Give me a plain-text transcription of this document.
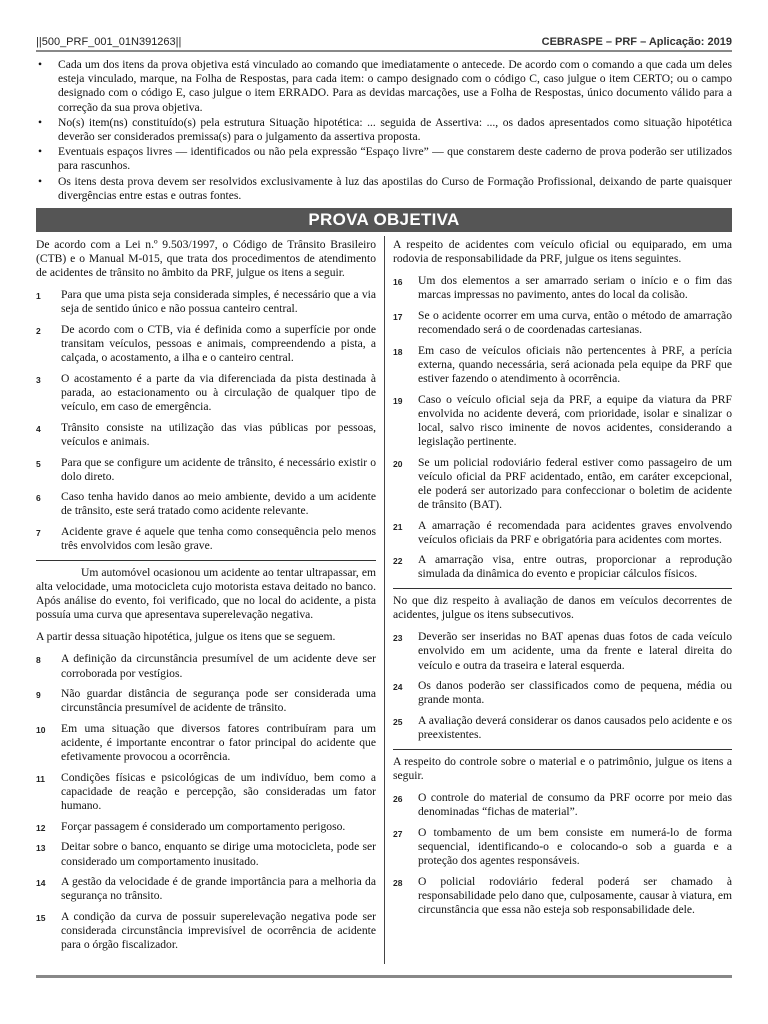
||500_PRF_001_01N391263||	CEBRASPE – PRF – Aplicação: 2019
• Cada um dos itens da prova objetiva está vinculado ao comando que imediatamente o antecede. De acordo com o comando a que cada um deles esteja vinculado, marque, na Folha de Respostas, para cada item: o campo designado com o código C, caso julgue o item CERTO; ou o campo designado com o código E, caso julgue o item ERRADO. Para as devidas marcações, use a Folha de Respostas, único documento válido para a correção da sua prova objetiva.
• No(s) item(ns) constituído(s) pela estrutura Situação hipotética: ... seguida de Assertiva: ..., os dados apresentados como situação hipotética deverão ser considerados premissa(s) para o julgamento da assertiva proposta.
• Eventuais espaços livres — identificados ou não pela expressão “Espaço livre” — que constarem deste caderno de prova poderão ser utilizados para rascunhos.
• Os itens desta prova devem ser resolvidos exclusivamente à luz das apostilas do Curso de Formação Profissional, deixando de parte quaisquer divergências entre estas e outras fontes.
PROVA OBJETIVA

De acordo com a Lei n.º 9.503/1997, o Código de Trânsito Brasileiro (CTB) e o Manual M-015, que trata dos procedimentos de atendimento de acidentes de trânsito no âmbito da PRF, julgue os itens a seguir.

1 Para que uma pista seja considerada simples, é necessário que a via seja de sentido único e não possua canteiro central.
2 De acordo com o CTB, via é definida como a superfície por onde transitam veículos, pessoas e animais, compreendendo a pista, a calçada, o acostamento, a ilha e o canteiro central.
3 O acostamento é a parte da via diferenciada da pista destinada à parada, ao estacionamento ou à circulação de qualquer tipo de veículo, em caso de emergência.
4 Trânsito consiste na utilização das vias públicas por pessoas, veículos e animais.
5 Para que se configure um acidente de trânsito, é necessário existir o dolo direto.
6 Caso tenha havido danos ao meio ambiente, devido a um acidente de trânsito, este será tratado como acidente relevante.
7 Acidente grave é aquele que tenha como consequência pelo menos três envolvidos com lesão grave.

Um automóvel ocasionou um acidente ao tentar ultrapassar, em alta velocidade, uma motocicleta cujo motorista estava deitado no banco. Após análise do evento, foi verificado, que no local do acidente, a pista possuía uma curva que apresentava superelevação negativa.

A partir dessa situação hipotética, julgue os itens que se seguem.

8 A definição da circunstância presumível de um acidente deve ser corroborada por vestígios.
9 Não guardar distância de segurança pode ser considerada uma circunstância presumível de acidente de trânsito.
10 Em uma situação que diversos fatores contribuíram para um acidente, é importante encontrar o fator principal do acidente que efetivamente provocou a ocorrência.
11 Condições físicas e psicológicas de um indivíduo, bem como a capacidade de reação e percepção, são consideradas um fator humano.
12 Forçar passagem é considerado um comportamento perigoso.
13 Deitar sobre o banco, enquanto se dirige uma motocicleta, pode ser considerado um comportamento inusitado.
14 A gestão da velocidade é de grande importância para a melhoria da segurança no trânsito.
15 A condição da curva de possuir superelevação negativa pode ser considerada circunstância imprevisível de ocorrência de acidente para o órgão fiscalizador.

A respeito de acidentes com veículo oficial ou equiparado, em uma rodovia de responsabilidade da PRF, julgue os itens seguintes.

16 Um dos elementos a ser amarrado seriam o início e o fim das marcas impressas no pavimento, antes do local da colisão.
17 Se o acidente ocorrer em uma curva, então o método de amarração recomendado será o de coordenadas cartesianas.
18 Em caso de veículos oficiais não pertencentes à PRF, a perícia externa, quando necessária, será acionada pela equipe da PRF que estiver fazendo o atendimento à ocorrência.
19 Caso o veículo oficial seja da PRF, a equipe da viatura da PRF envolvida no acidente deverá, com prioridade, isolar e sinalizar o local, salvo risco iminente de novos acidentes, considerando a legislação pertinente.
20 Se um policial rodoviário federal estiver como passageiro de um veículo oficial da PRF acidentado, então, em caráter excepcional, ele poderá ser autorizado para confeccionar o boletim de acidente de trânsito (BAT).
21 A amarração é recomendada para acidentes graves envolvendo veículos oficiais da PRF e obrigatória para acidentes com mortes.
22 A amarração visa, entre outras, proporcionar a reprodução simulada da dinâmica do evento e propiciar cálculos físicos.

No que diz respeito à avaliação de danos em veículos decorrentes de acidentes, julgue os itens subsecutivos.

23 Deverão ser inseridas no BAT apenas duas fotos de cada veículo envolvido em um acidente, uma da frente e lateral direita do veículo e outra da traseira e lateral esquerda.
24 Os danos poderão ser classificados como de pequena, média ou grande monta.
25 A avaliação deverá considerar os danos causados pelo acidente e os preexistentes.

A respeito do controle sobre o material e o patrimônio, julgue os itens a seguir.

26 O controle do material de consumo da PRF ocorre por meio das denominadas “fichas de material”.
27 O tombamento de um bem consiste em numerá-lo de forma sequencial, identificando-o e colocando-o sob a guarda e a proteção dos agentes responsáveis.
28 O policial rodoviário federal poderá ser chamado à responsabilidade pelo dano que, culposamente, causar à viatura, em circunstância que essa não esteja sob responsabilidade dele.
